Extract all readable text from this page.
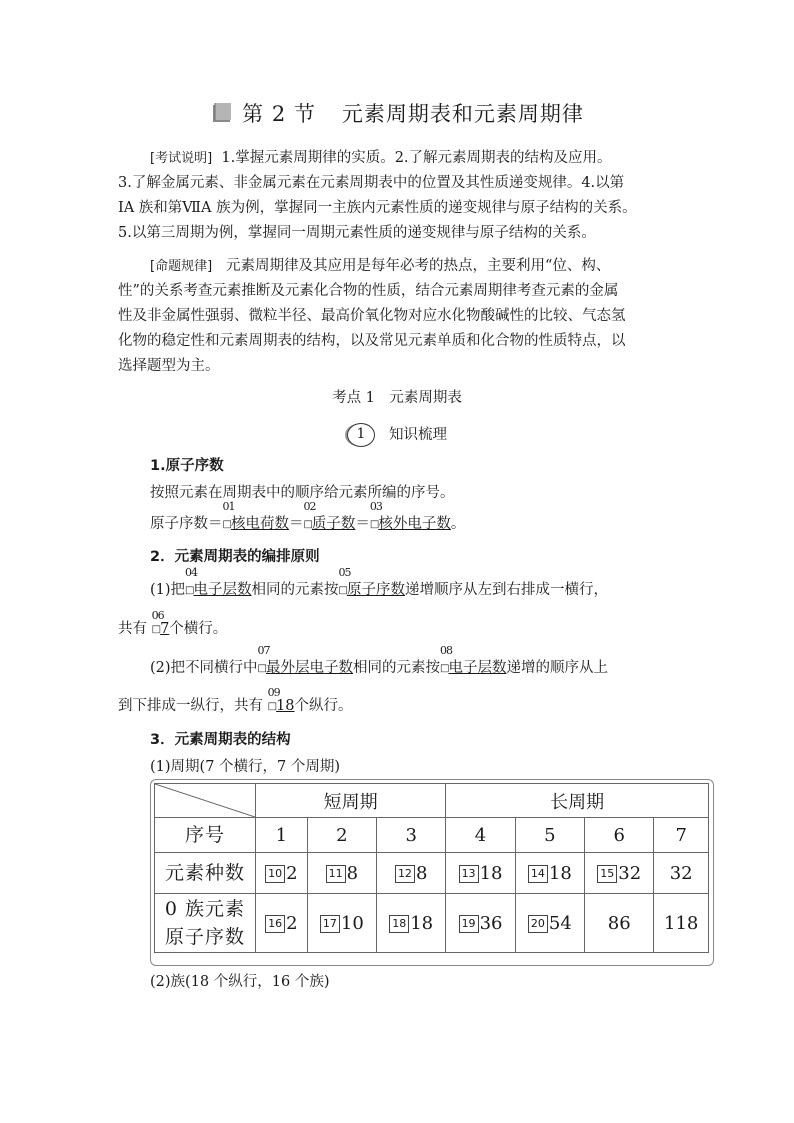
第 2 节 元素周期表和元素周期律
[考试说明] 1.掌握元素周期律的实质。2.了解元素周期表的结构及应用。
3.了解金属元素、非金属元素在元素周期表中的位置及其性质递变规律。4.以第
ⅠA 族和第ⅦA 族为例，掌握同一主族内元素性质的递变规律与原子结构的关系。
5.以第三周期为例，掌握同一周期元素性质的递变规律与原子结构的关系。
[命题规律] 元素周期律及其应用是每年必考的热点，主要利用“位、构、
性”的关系考查元素推断及元素化合物的性质，结合元素周期律考查元素的金属
性及非金属性强弱、微粒半径、最高价氧化物对应水化物酸碱性的比较、气态氢
化物的稳定性和元素周期表的结构，以及常见元素单质和化合物的性质特点，以
选择题型为主。
考点 1　元素周期表
1 知识梳理
1.原子序数
按照元素在周期表中的顺序给元素所编的序号。
原子序数＝
01
□核电荷数＝
02
□质子数＝
03
□核外电子数。
2．元素周期表的编排原则
(1)把
04
□电子层数相同的元素按
05
□原子序数递增顺序从左到右排成一横行，
共有
06
□7个横行。
(2)把不同横行中
07
□最外层电子数相同的元素按
08
□电子层数递增的顺序从上
到下排成一纵行，共有
09
□18个纵行。
3．元素周期表的结构
(1)周期(7 个横行，7 个周期)
	短周期			长周期			
序号	1	2	3	4	5	6	7
元素种数	10 2	11 8	12 8	13 18	14 18	15 32	32

0 族元素
原子序数	16 2	17 10	18 18	19 36	20 54	86	118
(2)族(18 个纵行，16 个族)
